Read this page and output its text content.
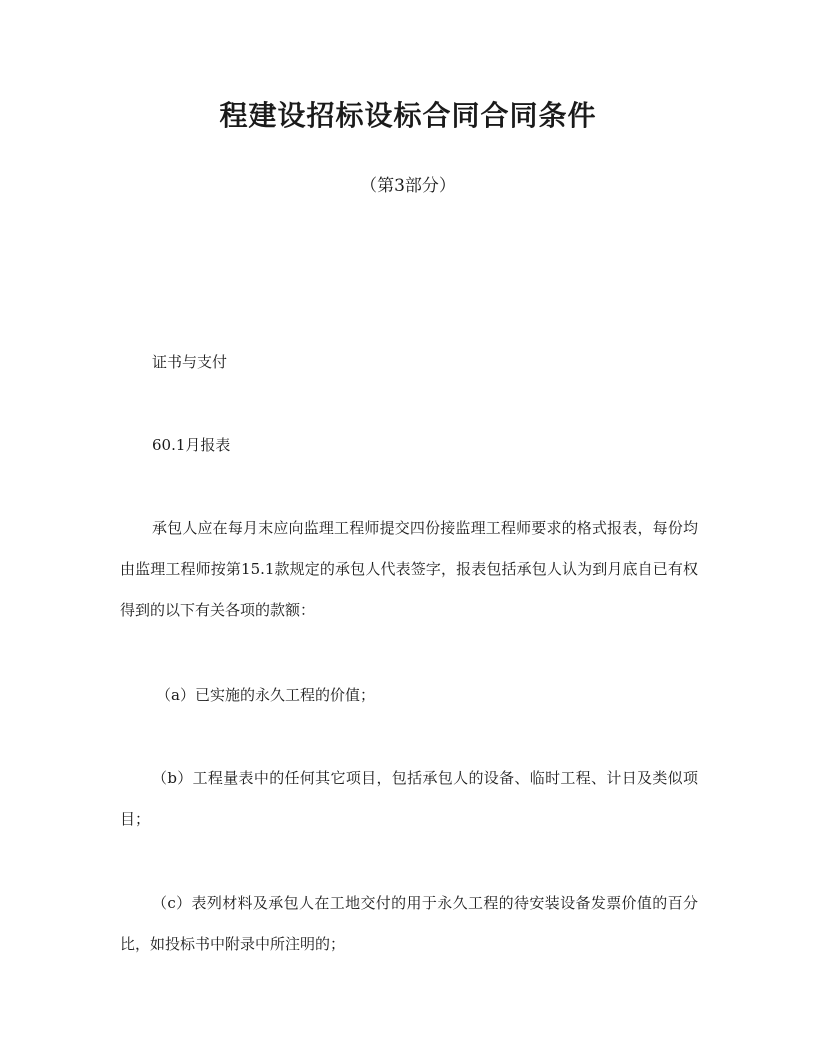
程建设招标设标合同合同条件
（第3部分）

证书与支付

60.1月报表

承包人应在每月末应向监理工程师提交四份接监理工程师要求的格式报表，每份均由监理工程师按第15.1款规定的承包人代表签字，报表包括承包人认为到月底自已有权得到的以下有关各项的款额：

（a）已实施的永久工程的价值；

（b）工程量表中的任何其它项目，包括承包人的设备、临时工程、计日及类似项目；

（c）表列材料及承包人在工地交付的用于永久工程的待安装设备发票价值的百分比，如投标书中附录中所注明的；
